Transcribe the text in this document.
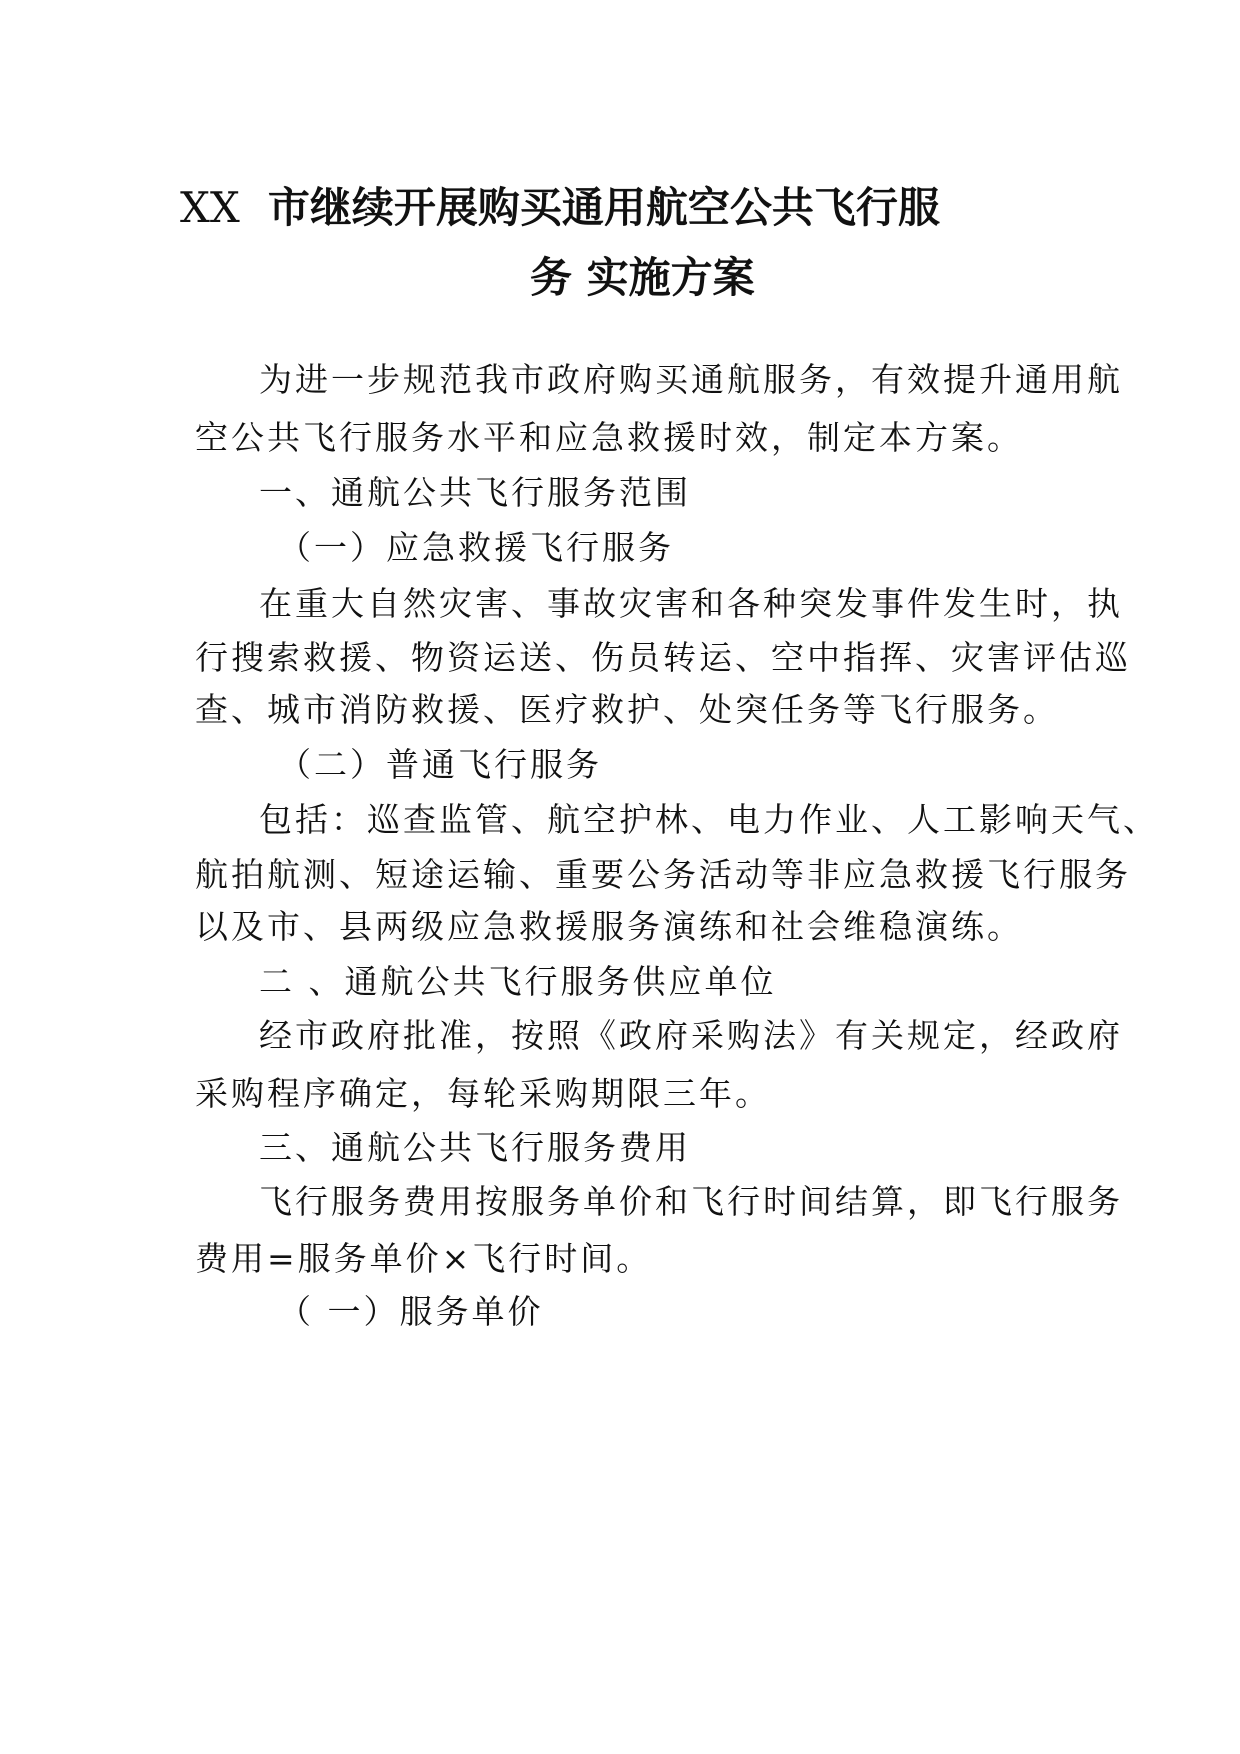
XX 市继续开展购买通用航空公共飞行服
务 实施方案
为进一步规范我市政府购买通航服务，有效提升通用航
空公共飞行服务水平和应急救援时效，制定本方案。
一、通航公共飞行服务范围
（一）应急救援飞行服务
在重大自然灾害、事故灾害和各种突发事件发生时，执
行搜索救援、物资运送、伤员转运、空中指挥、灾害评估巡
查、城市消防救援、医疗救护、处突任务等飞行服务。
（二）普通飞行服务
包括：巡查监管、航空护林、电力作业、人工影响天气、
航拍航测、短途运输、重要公务活动等非应急救援飞行服务
以及市、县两级应急救援服务演练和社会维稳演练。
二 、通航公共飞行服务供应单位
经市政府批准，按照《政府采购法》有关规定，经政府
采购程序确定，每轮采购期限三年。
三、通航公共飞行服务费用
飞行服务费用按服务单价和飞行时间结算，即飞行服务
费用=服务单价×飞行时间。
（ 一）服务单价
